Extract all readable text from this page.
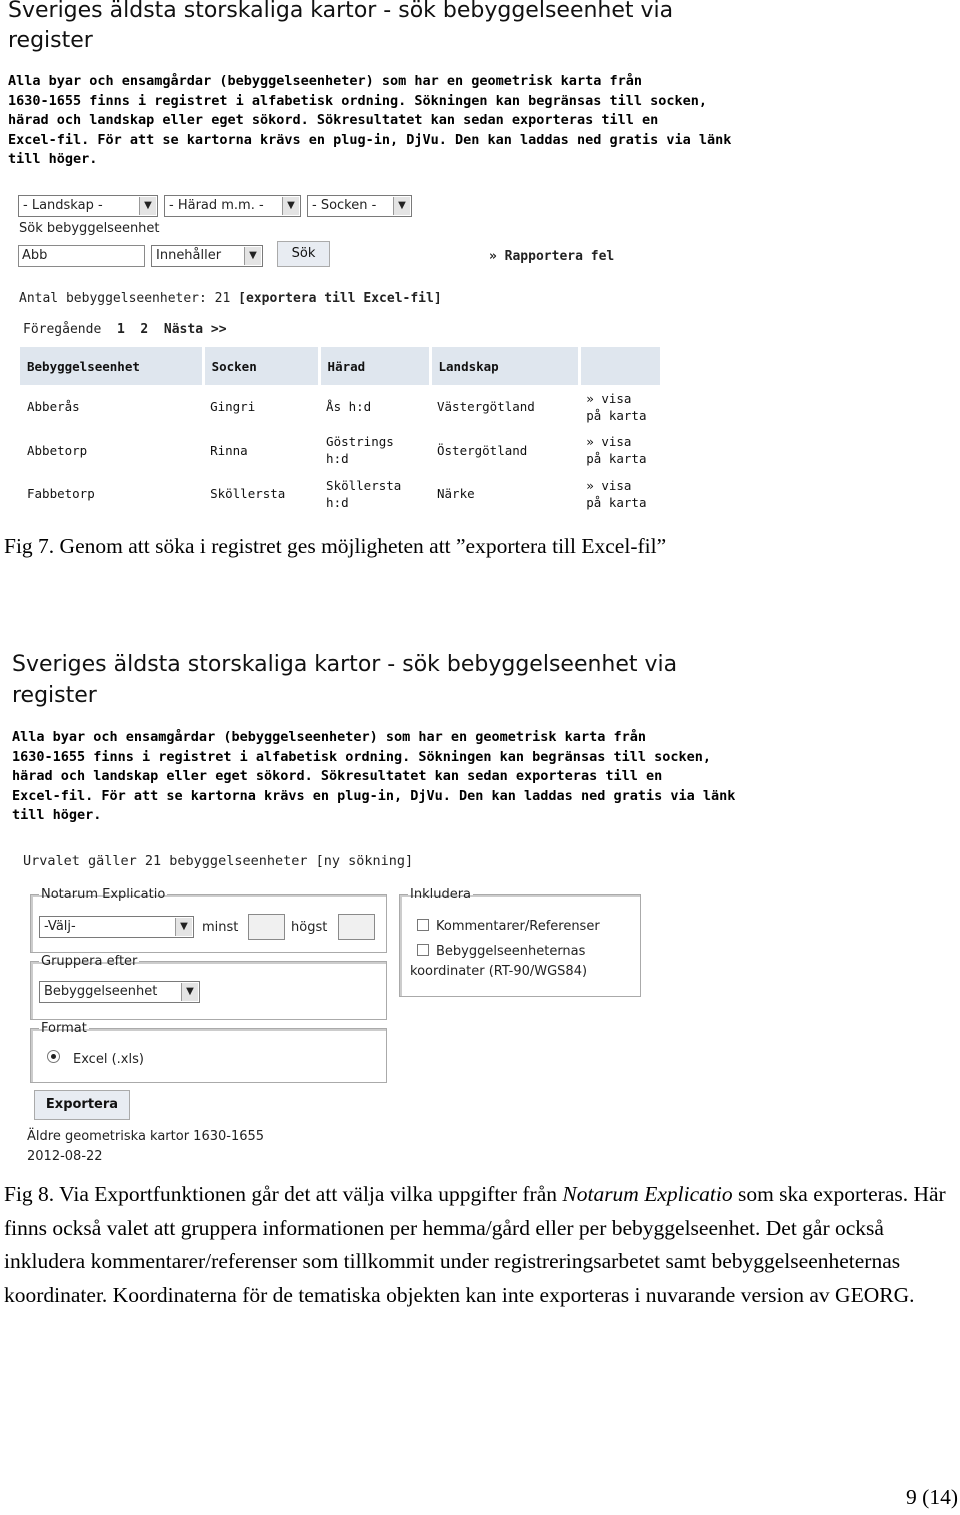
Sveriges äldsta storskaliga kartor - sök bebyggelseenhet via
register
Alla byar och ensamgårdar (bebyggelseenheter) som har en geometrisk karta från
1630-1655 finns i registret i alfabetisk ordning. Sökningen kan begränsas till socken,
härad och landskap eller eget sökord. Sökresultatet kan sedan exporteras till en
Excel-fil. För att se kartorna krävs en plug-in, DjVu. Den kan laddas ned gratis via länk
till höger.
- Landskap -	▼	- Härad m.m. -	▼	- Socken -	▼
Sök bebyggelseenhet
Abb	Innehåller	▼	Sök	» Rapportera fel
Antal bebyggelseenheter: 21 [exportera till Excel-fil]
Föregående 1 2 Nästa >>
Bebyggelseenhet	Socken	Härad	Landskap	
Abberås	Gingri	Ås h:d	Västergötland	» visa på karta
Abbetorp	Rinna	Göstrings h:d	Östergötland	» visa på karta
Fabbetorp	Sköllersta	Sköllersta h:d	Närke	» visa på karta
Fig 7. Genom att söka i registret ges möjligheten att ”exportera till Excel-fil”
Sveriges äldsta storskaliga kartor - sök bebyggelseenhet via
register
Alla byar och ensamgårdar (bebyggelseenheter) som har en geometrisk karta från
1630-1655 finns i registret i alfabetisk ordning. Sökningen kan begränsas till socken,
härad och landskap eller eget sökord. Sökresultatet kan sedan exporteras till en
Excel-fil. För att se kartorna krävs en plug-in, DjVu. Den kan laddas ned gratis via länk
till höger.
Urvalet gäller 21 bebyggelseenheter [ny sökning]
Notarum Explicatio
-Välj-	▼	minst	högst
Gruppera efter
Bebyggelseenhet	▼
Inkludera
Kommentarer/Referenser
Bebyggelseenheternas
koordinater (RT-90/WGS84)
Format
Excel (.xls)
Exportera
Äldre geometriska kartor 1630-1655
2012-08-22
Fig 8. Via Exportfunktionen går det att välja vilka uppgifter från Notarum Explicatio som ska exporteras. Här finns också valet att gruppera informationen per hemma/gård eller per bebyggelseenhet. Det går också inkludera kommentarer/referenser som tillkommit under registreringsarbetet samt bebyggelseenheternas koordinater. Koordinaterna för de tematiska objekten kan inte exporteras i nuvarande version av GEORG.
9 (14)
